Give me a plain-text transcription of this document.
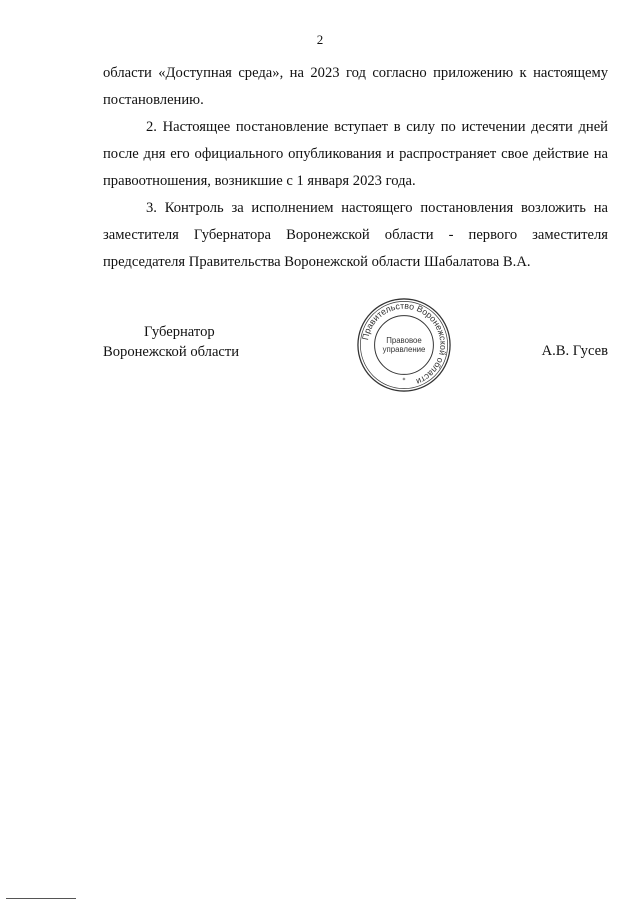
2

области «Доступная среда», на 2023 год согласно приложению к настоящему постановлению.

2. Настоящее постановление вступает в силу по истечении десяти дней после дня его официального опубликования и распространяет свое действие на правоотношения, возникшие с 1 января 2023 года.

3. Контроль за исполнением настоящего постановления возложить на заместителя Губернатора Воронежской области - первого заместителя председателя Правительства Воронежской области Шабалатова В.А.

Губернатор
Воронежской области
Правительство Воронежской области
Правовое
управление
*
А.В. Гусев
